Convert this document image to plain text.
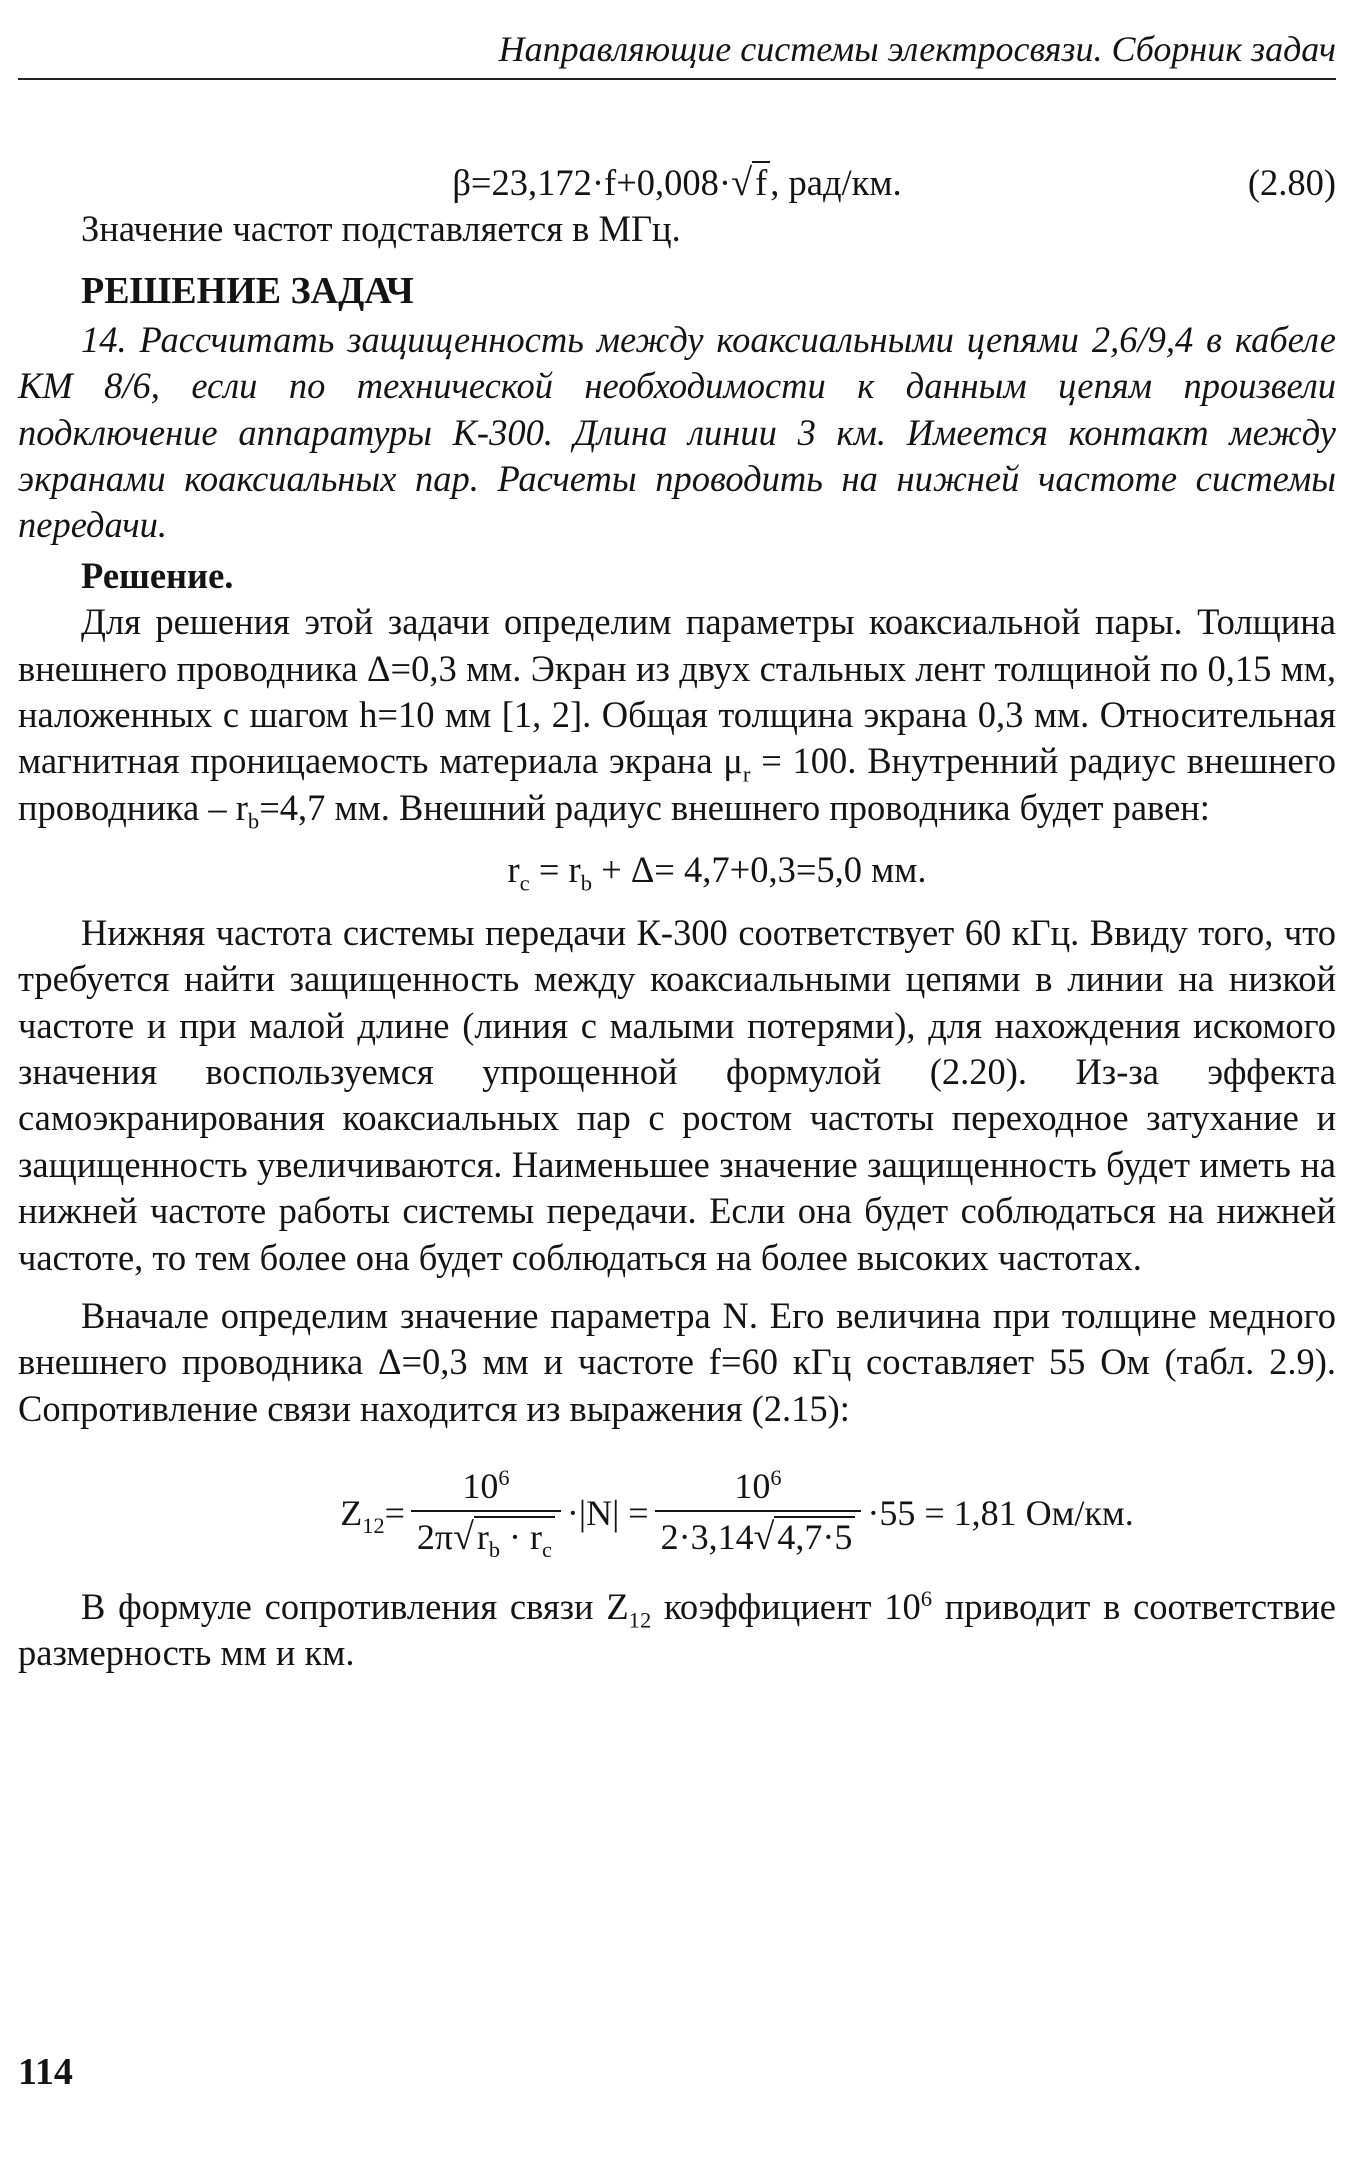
Направляющие системы электросвязи. Сборник задач
β=23,172·f+0,008·√f, рад/км.	(2.80)

Значение частот подставляется в МГц.

РЕШЕНИЕ ЗАДАЧ

14. Рассчитать защищенность между коаксиальными цепями 2,6/9,4 в кабеле КМ 8/6, если по технической необходимости к данным цепям произвели подключение аппаратуры К-300. Длина линии 3 км. Имеется контакт между экранами коаксиальных пар. Расчеты проводить на нижней частоте системы передачи.

Решение.

Для решения этой задачи определим параметры коаксиальной пары. Толщина внешнего проводника Δ=0,3 мм. Экран из двух стальных лент толщиной по 0,15 мм, наложенных с шагом h=10 мм [1, 2]. Общая толщина экрана 0,3 мм. Относительная магнитная проницаемость материала экрана $\mu_r = 100$. Внутренний радиус внешнего проводника – $r_b=4,7$ мм. Внешний радиус внешнего проводника будет равен:

$r_c = r_b + \Delta= 4,7+0,3=5,0$ мм.

Нижняя частота системы передачи К-300 соответствует 60 кГц. Ввиду того, что требуется найти защищенность между коаксиальными цепями в линии на низкой частоте и при малой длине (линия с малыми потерями), для нахождения искомого значения воспользуемся упрощенной формулой (2.20). Из-за эффекта самоэкранирования коаксиальных пар с ростом частоты переходное затухание и защищенность увеличиваются. Наименьшее значение защищенность будет иметь на нижней частоте работы системы передачи. Если она будет соблюдаться на нижней частоте, то тем более она будет соблюдаться на более высоких частотах.

Вначале определим значение параметра N. Его величина при толщине медного внешнего проводника Δ=0,3 мм и частоте f=60 кГц составляет 55 Ом (табл. 2.9). Сопротивление связи находится из выражения (2.15):

$Z_{12} = \frac{10^6}{2\pi√r_b \cdot r_c} \cdot|N| = \frac{10^6}{2\cdot 3,14√4,7\cdot 5} \cdot 55 = 1,81$ Ом/км.

В формуле сопротивления связи $Z_{12}$ коэффициент $10^6$ приводит в соответствие размерность мм и км.

114
